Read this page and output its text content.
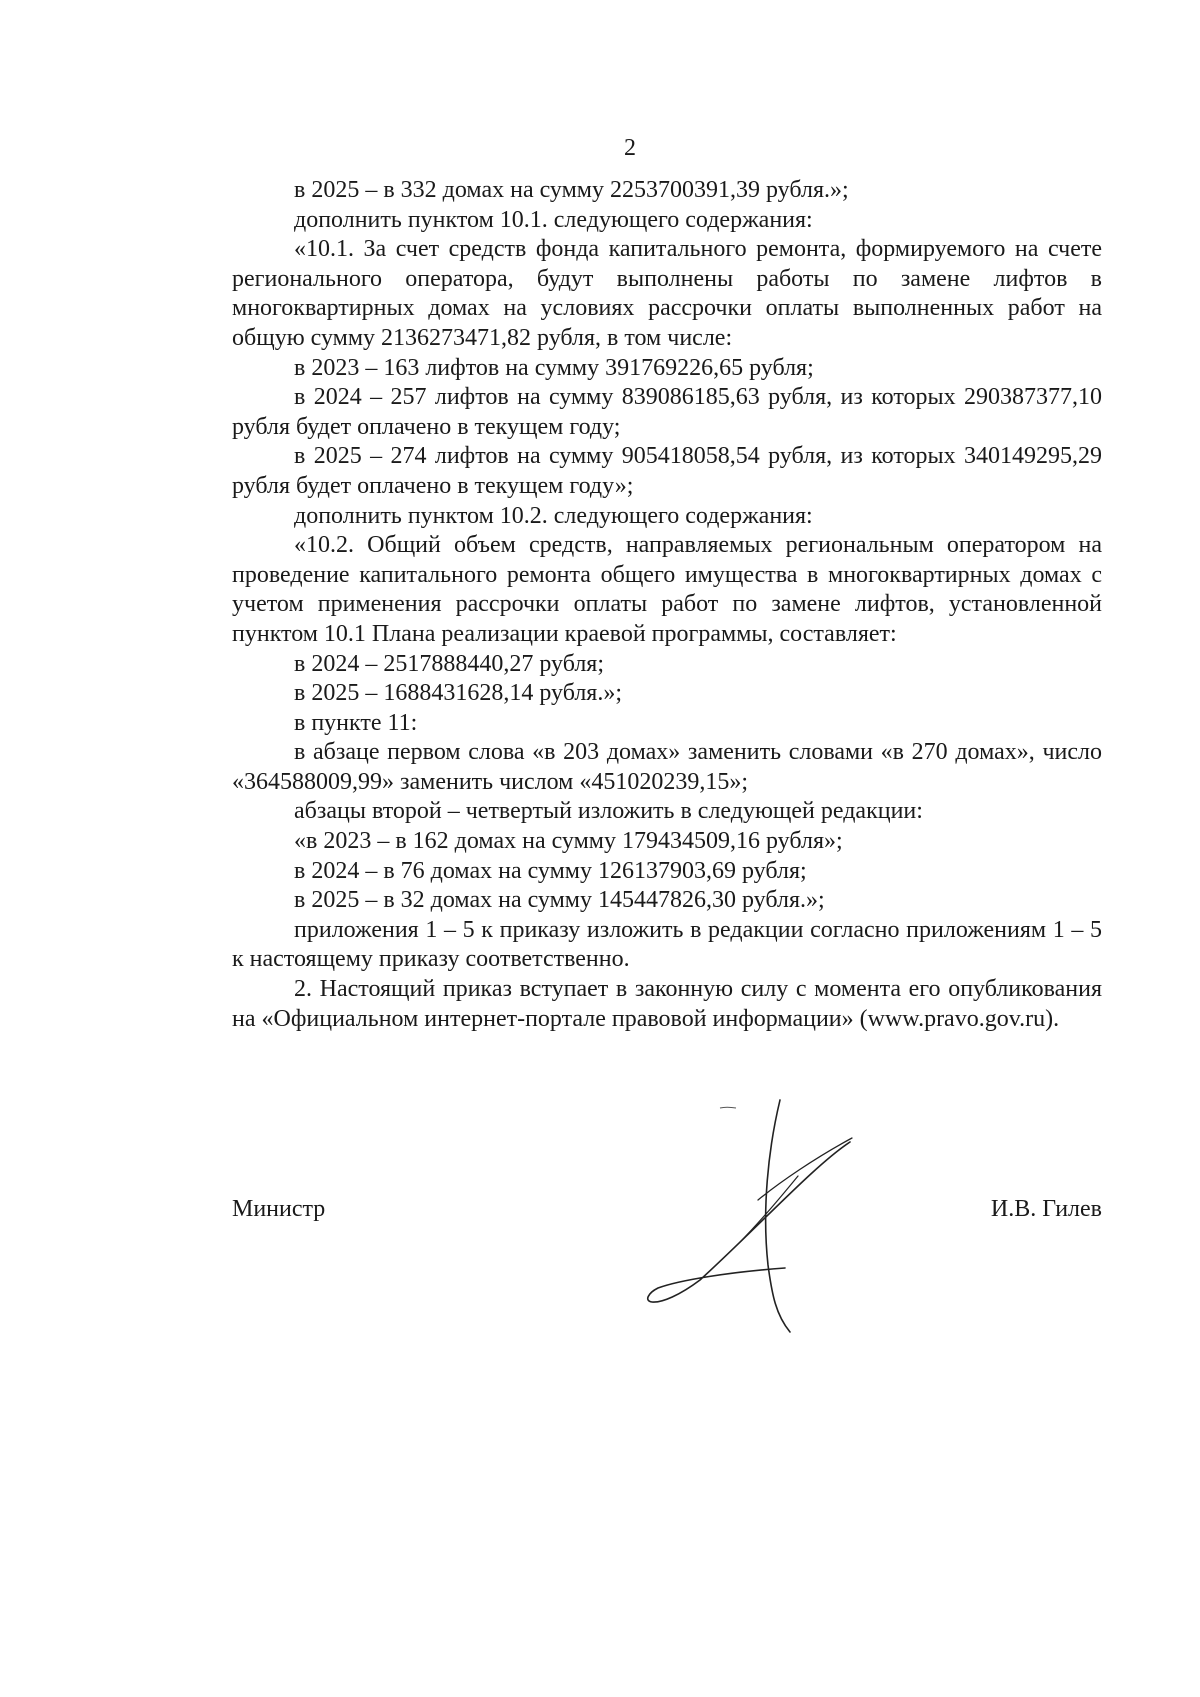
2

в 2025 – в 332 домах на сумму 2253700391,39 рубля.»;

дополнить пунктом 10.1. следующего содержания:

«10.1. За счет средств фонда капитального ремонта, формируемого на счете регионального оператора, будут выполнены работы по замене лифтов в многоквартирных домах на условиях рассрочки оплаты выполненных работ на общую сумму 2136273471,82 рубля, в том числе:

в 2023 – 163 лифтов на сумму 391769226,65 рубля;

в 2024 – 257 лифтов на сумму 839086185,63 рубля, из которых 290387377,10 рубля будет оплачено в текущем году;

в 2025 – 274 лифтов на сумму 905418058,54 рубля, из которых 340149295,29 рубля будет оплачено в текущем году»;

дополнить пунктом 10.2. следующего содержания:

«10.2. Общий объем средств, направляемых региональным оператором на проведение капитального ремонта общего имущества в многоквартирных домах с учетом применения рассрочки оплаты работ по замене лифтов, установленной пунктом 10.1 Плана реализации краевой программы, составляет:

в 2024 – 2517888440,27 рубля;

в 2025 – 1688431628,14 рубля.»;

в пункте 11:

в абзаце первом слова «в 203 домах» заменить словами «в 270 домах», число «364588009,99» заменить числом «451020239,15»;

абзацы второй – четвертый изложить в следующей редакции:

«в 2023 – в 162 домах на сумму 179434509,16 рубля»;

в 2024 – в 76 домах на сумму 126137903,69 рубля;

в 2025 – в 32 домах на сумму 145447826,30 рубля.»;

приложения 1 – 5 к приказу изложить в редакции согласно приложениям 1 – 5 к настоящему приказу соответственно.

2. Настоящий приказ вступает в законную силу с момента его опубликования на «Официальном интернет-портале правовой информации» (www.pravo.gov.ru).

Министр	И.В. Гилев
